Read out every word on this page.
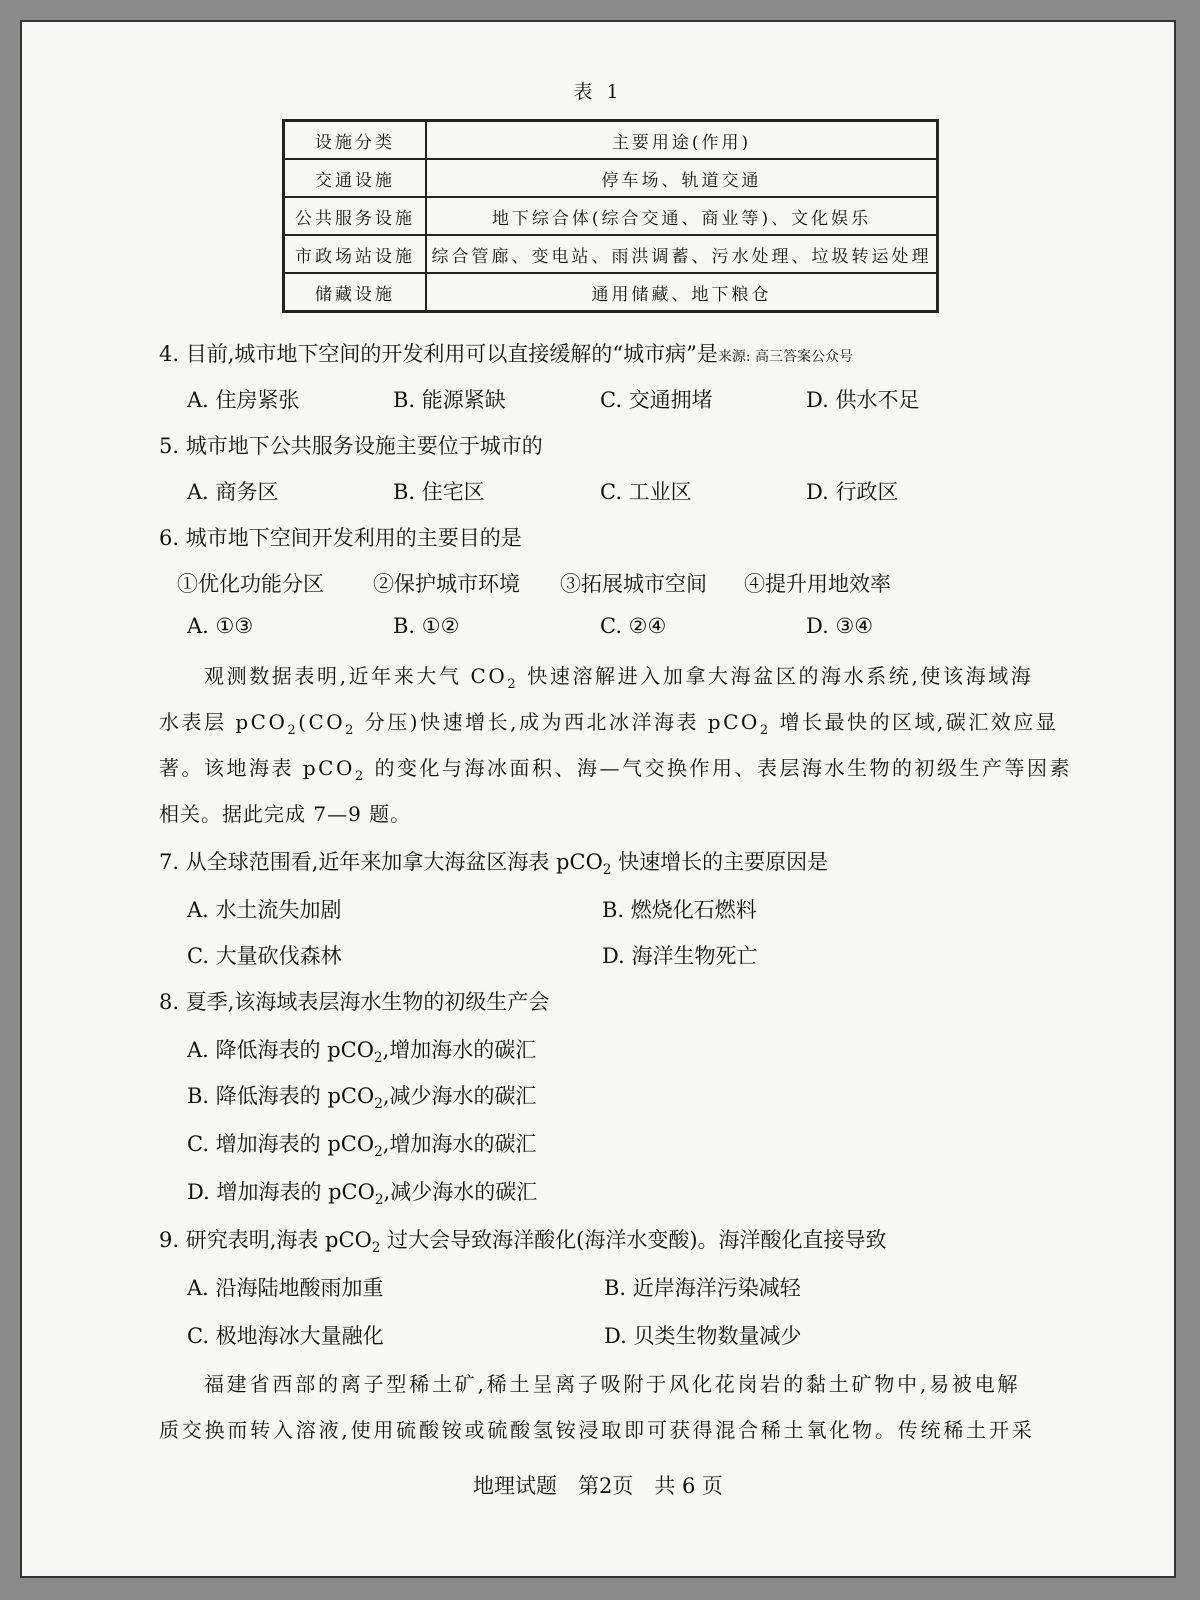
表 1
设施分类	主要用途(作用)
交通设施	停车场、轨道交通
公共服务设施	地下综合体(综合交通、商业等)、文化娱乐
市政场站设施	综合管廊、变电站、雨洪调蓄、污水处理、垃圾转运处理
储藏设施	通用储藏、地下粮仓
4. 目前,城市地下空间的开发利用可以直接缓解的“城市病”是来源: 高三答案公众号
A. 住房紧张	B. 能源紧缺	C. 交通拥堵	D. 供水不足
5. 城市地下公共服务设施主要位于城市的
A. 商务区	B. 住宅区	C. 工业区	D. 行政区
6. 城市地下空间开发利用的主要目的是
①优化功能分区 ②保护城市环境 ③拓展城市空间 ④提升用地效率
A. ①③	B. ①②	C. ②④	D. ③④
观测数据表明,近年来大气 $CO_2$ 快速溶解进入加拿大海盆区的海水系统,使该海域海
水表层 $pCO_2(CO_2$ 分压)快速增长,成为西北冰洋海表 pCO$_2$ 增长最快的区域,碳汇效应显
著。该地海表 pCO$_2$ 的变化与海冰面积、海—气交换作用、表层海水生物的初级生产等因素
相关。据此完成 7—9 题。
7. 从全球范围看,近年来加拿大海盆区海表 pCO$_2$ 快速增长的主要原因是
A. 水土流失加剧	B. 燃烧化石燃料
C. 大量砍伐森林	D. 海洋生物死亡
8. 夏季,该海域表层海水生物的初级生产会
A. 降低海表的 pCO$_2$,增加海水的碳汇
B. 降低海表的 pCO$_2$,减少海水的碳汇
C. 增加海表的 pCO$_2$,增加海水的碳汇
D. 增加海表的 pCO$_2$,减少海水的碳汇
9. 研究表明,海表 pCO$_2$ 过大会导致海洋酸化(海洋水变酸)。海洋酸化直接导致
A. 沿海陆地酸雨加重	B. 近岸海洋污染减轻
C. 极地海冰大量融化	D. 贝类生物数量减少
福建省西部的离子型稀土矿,稀土呈离子吸附于风化花岗岩的黏土矿物中,易被电解
质交换而转入溶液,使用硫酸铵或硫酸氢铵浸取即可获得混合稀土氧化物。传统稀土开采
地理试题　第2页　共 6 页
